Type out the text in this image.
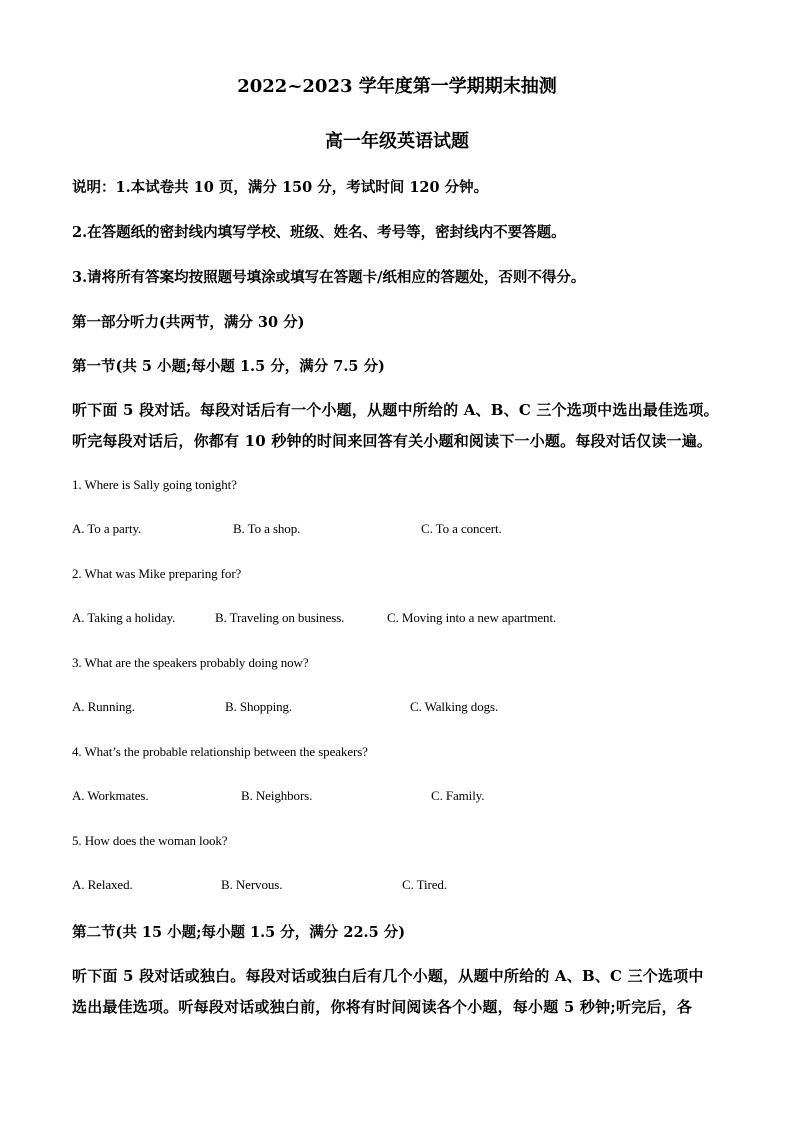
2022~2023 学年度第一学期期末抽测
高一年级英语试题
说明：1.本试卷共 10 页，满分 150 分，考试时间 120 分钟。
2.在答题纸的密封线内填写学校、班级、姓名、考号等，密封线内不要答题。
3.请将所有答案均按照题号填涂或填写在答题卡/纸相应的答题处，否则不得分。
第一部分听力(共两节，满分 30 分)
第一节(共 5 小题;每小题 1.5 分，满分 7.5 分)
听下面 5 段对话。每段对话后有一个小题，从题中所给的 A、B、C 三个选项中选出最佳选项。
听完每段对话后，你都有 10 秒钟的时间来回答有关小题和阅读下一小题。每段对话仅读一遍。
1. Where is Sally going tonight?
A. To a party.	B. To a shop.	C. To a concert.
2. What was Mike preparing for?
A. Taking a holiday.	B. Traveling on business.	C. Moving into a new apartment.
3. What are the speakers probably doing now?
A. Running.	B. Shopping.	C. Walking dogs.
4. What’s the probable relationship between the speakers?
A. Workmates.	B. Neighbors.	C. Family.
5. How does the woman look?
A. Relaxed.	B. Nervous.	C. Tired.
第二节(共 15 小题;每小题 1.5 分，满分 22.5 分)
听下面 5 段对话或独白。每段对话或独白后有几个小题，从题中所给的 A、B、C 三个选项中
选出最佳选项。听每段对话或独白前，你将有时间阅读各个小题，每小题 5 秒钟;听完后，各
